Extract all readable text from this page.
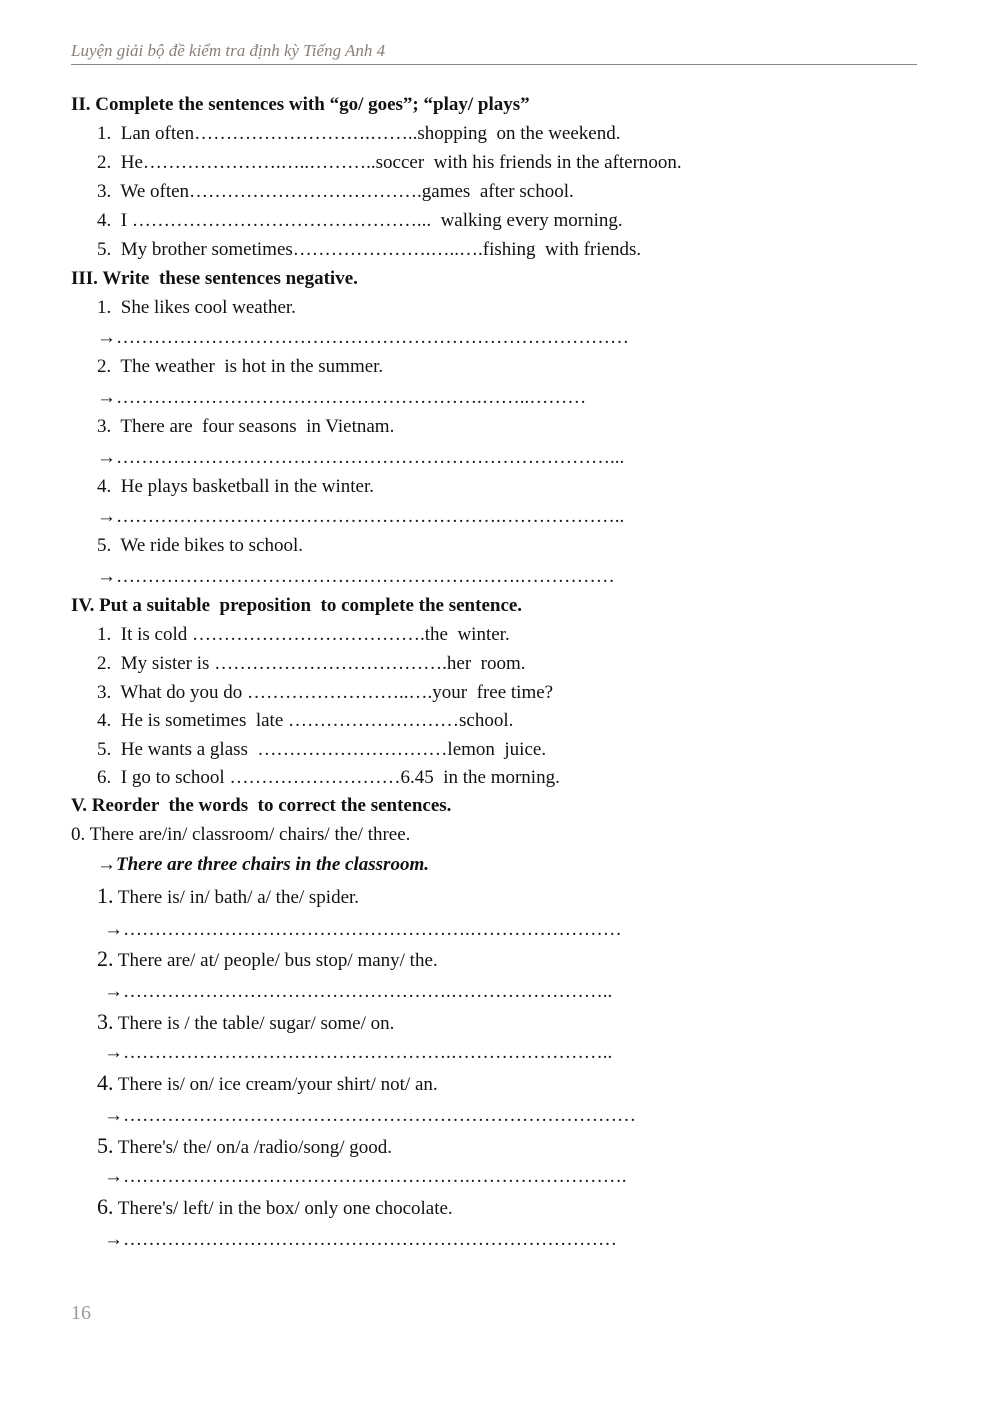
Luyện giải bộ đề kiểm tra định kỳ Tiếng Anh 4
II. Complete the sentences with “go/ goes”; “play/ plays”
1.  Lan often……………………….……..shopping  on the weekend.
2.  He………………….…..………..soccer  with his friends in the afternoon.
3.  We often……………………………….games  after school.
4.  I ………………………………………...  walking every morning.
5.  My brother sometimes………………….…..….fishing  with friends.
III. Write  these sentences negative.
1.  She likes cool weather.
→………………………………………………………………………
2.  The weather  is hot in the summer.
→………………………………………………….……..………
3.  There are  four seasons  in Vietnam.
→……………………………………………………………………...
4.  He plays basketball in the winter.
→…………………………………………………….………………..
5.  We ride bikes to school.
→……………………………………………………….……………
IV. Put a suitable  preposition  to complete the sentence.
1.  It is cold ……………………………….the  winter.
2.  My sister is ……………………………….her  room.
3.  What do you do ……………………..….your  free time?
4.  He is sometimes  late ………………………school.
5.  He wants a glass  …………………………lemon  juice.
6.  I go to school ………………………6.45  in the morning.
V. Reorder  the words  to correct the sentences.
0. There are/in/ classroom/ chairs/ the/ three.
→There are three chairs in the classroom.
1. There is/ in/ bath/ a/ the/ spider.
→……………………………………………….……………………
2. There are/ at/ people/ bus stop/ many/ the.
→…………………………………………….……………………..
3. There is / the table/ sugar/ some/ on.
→…………………………………………….……………………..
4. There is/ on/ ice cream/your shirt/ not/ an.
→………………………………………………………………………
5. There's/ the/ on/a /radio/song/ good.
→……………………………………………….…………………….
6. There's/ left/ in the box/ only one chocolate.
→……………………………………………………………………
16
